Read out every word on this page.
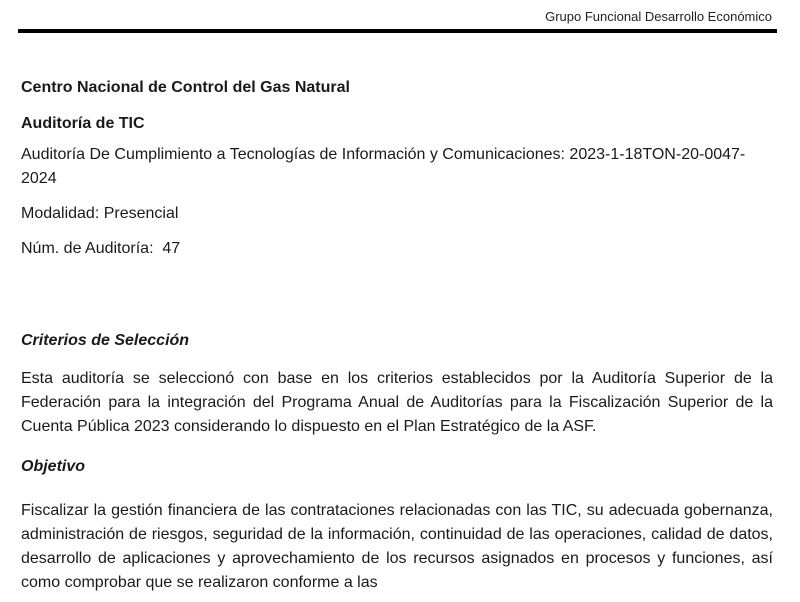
Grupo Funcional Desarrollo Económico

Centro Nacional de Control del Gas Natural

Auditoría de TIC

Auditoría De Cumplimiento a Tecnologías de Información y Comunicaciones: 2023-1-18TON-20-0047-2024

Modalidad: Presencial

Núm. de Auditoría:  47

Criterios de Selección

Esta auditoría se seleccionó con base en los criterios establecidos por la Auditoría Superior de la Federación para la integración del Programa Anual de Auditorías para la Fiscalización Superior de la Cuenta Pública 2023 considerando lo dispuesto en el Plan Estratégico de la ASF.

Objetivo

Fiscalizar la gestión financiera de las contrataciones relacionadas con las TIC, su adecuada gobernanza, administración de riesgos, seguridad de la información, continuidad de las operaciones, calidad de datos, desarrollo de aplicaciones y aprovechamiento de los recursos asignados en procesos y funciones, así como comprobar que se realizaron conforme a las
